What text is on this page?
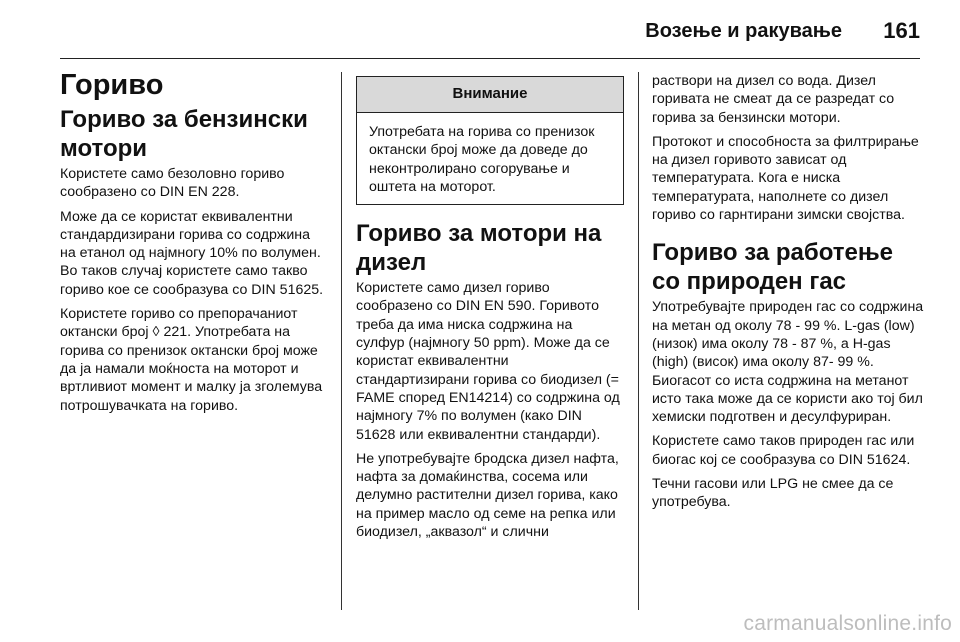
Возење и ракување 161
Гориво
Гориво за бензински мотори

Користете само безоловно гориво сообразено со DIN EN 228.

Може да се користат еквивалентни стандардизирани горива со содржина на етанол од најмногу 10% по волумен. Во таков случај користете само такво гориво кое се сообразува со DIN 51625.

Користете гориво со препорачаниот октански број ◊ 221. Употребата на горива со пренизок октански број може да ја намали моќноста на моторот и вртливиот момент и малку ја зголемува потрошувачката на гориво.

Внимание
Употребата на горива со пренизок октански број може да доведе до неконтролирано согорување и оштета на моторот.
Гориво за мотори на дизел

Користете само дизел гориво сообразено со DIN EN 590. Горивото треба да има ниска содржина на сулфур (најмногу 50 ppm). Може да се користат еквивалентни стандартизирани горива со биодизел (= FAME според EN14214) со содржина од најмногу 7% по волумен (како DIN 51628 или еквивалентни стандарди).

Не употребувајте бродска дизел нафта, нафта за домаќинства, сосема или делумно растителни дизел горива, како на пример масло од семе на репка или биодизел, „аквазол“ и слични

раствори на дизел со вода. Дизел горивата не смеат да се разредат со горива за бензински мотори.

Протокот и способноста за филтрирање на дизел горивото зависат од температурата. Кога е ниска температурата, наполнете со дизел гориво со гарнтирани зимски својства.

Гориво за работење со природен гас

Употребувајте природен гас со содржина на метан од околу 78 - 99 %. L-gas (low) (низок) има околу 78 - 87 %, а H-gas (high) (висок) има околу 87- 99 %. Биогасот со иста содржина на метанот исто така може да се користи ако тој бил хемиски подготвен и десулфуриран.

Користете само таков природен гас или биогас кој се сообразува со DIN 51624.

Течни гасови или LPG не смее да се употребува.

carmanualsonline.info
